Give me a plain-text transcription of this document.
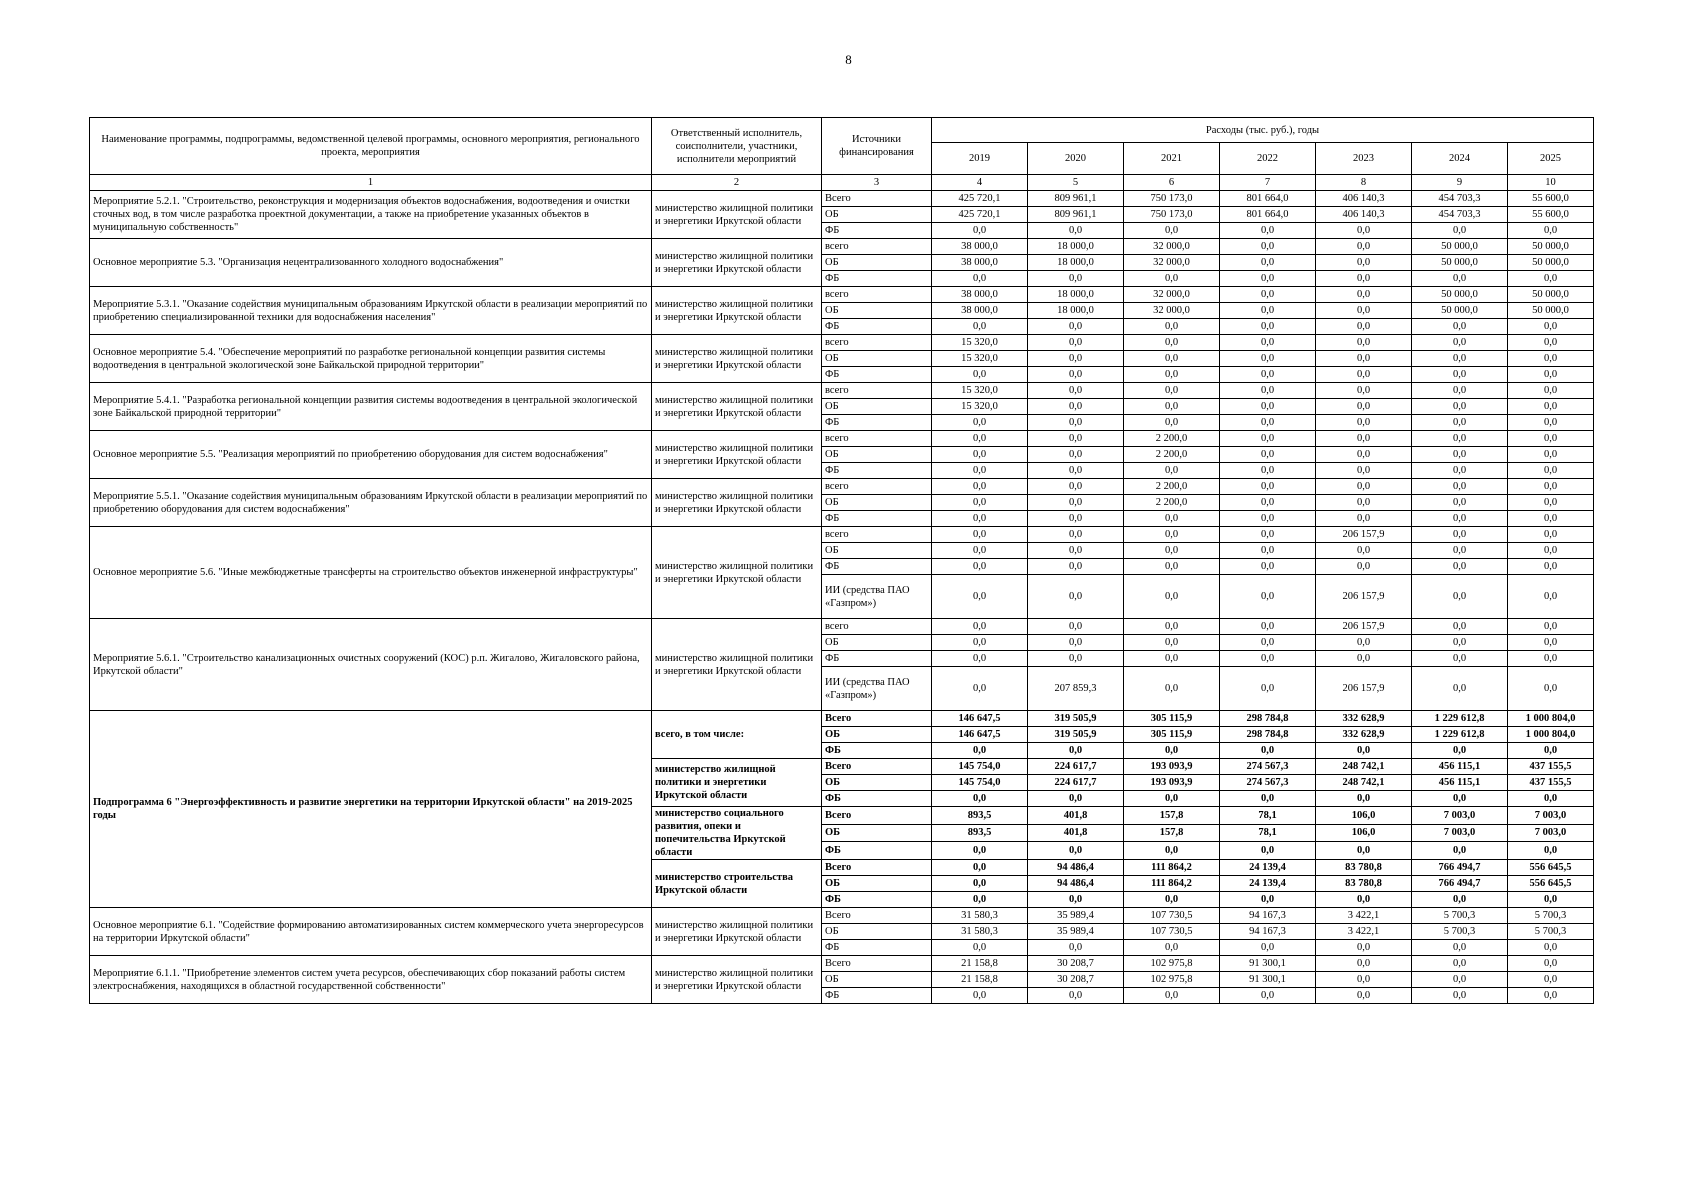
8
Наименование программы, подпрограммы, ведомственной целевой программы, основного мероприятия, регионального проекта, мероприятия	Ответственный исполнитель, соисполнители, участники, исполнители мероприятий	Источники финансирования	Расходы (тыс. руб.), годы						
			2019	2020	2021	2022	2023	2024	2025
1	2	3	4	5	6	7	8	9	10
Мероприятие 5.2.1. "Строительство, реконструкция и модернизация объектов водоснабжения, водоотведения и очистки сточных вод, в том числе разработка проектной документации, а также на приобретение указанных объектов в муниципальную собственность"	министерство жилищной политики и энергетики Иркутской области	Всего	425 720,1	809 961,1	750 173,0	801 664,0	406 140,3	454 703,3	55 600,0
		ОБ	425 720,1	809 961,1	750 173,0	801 664,0	406 140,3	454 703,3	55 600,0
		ФБ	0,0	0,0	0,0	0,0	0,0	0,0	0,0
Основное мероприятие 5.3. "Организация нецентрализованного холодного водоснабжения"	министерство жилищной политики и энергетики Иркутской области	всего	38 000,0	18 000,0	32 000,0	0,0	0,0	50 000,0	50 000,0
		ОБ	38 000,0	18 000,0	32 000,0	0,0	0,0	50 000,0	50 000,0
		ФБ	0,0	0,0	0,0	0,0	0,0	0,0	0,0
Мероприятие 5.3.1. "Оказание содействия муниципальным образованиям Иркутской области в реализации мероприятий по приобретению специализированной техники для водоснабжения населения"	министерство жилищной политики и энергетики Иркутской области	всего	38 000,0	18 000,0	32 000,0	0,0	0,0	50 000,0	50 000,0
		ОБ	38 000,0	18 000,0	32 000,0	0,0	0,0	50 000,0	50 000,0
		ФБ	0,0	0,0	0,0	0,0	0,0	0,0	0,0
Основное мероприятие 5.4. "Обеспечение мероприятий по разработке региональной концепции развития системы водоотведения в центральной экологической зоне Байкальской природной территории"	министерство жилищной политики и энергетики Иркутской области	всего	15 320,0	0,0	0,0	0,0	0,0	0,0	0,0
		ОБ	15 320,0	0,0	0,0	0,0	0,0	0,0	0,0
		ФБ	0,0	0,0	0,0	0,0	0,0	0,0	0,0
Мероприятие 5.4.1. "Разработка региональной концепции развития системы водоотведения в центральной экологической зоне Байкальской природной территории"	министерство жилищной политики и энергетики Иркутской области	всего	15 320,0	0,0	0,0	0,0	0,0	0,0	0,0
		ОБ	15 320,0	0,0	0,0	0,0	0,0	0,0	0,0
		ФБ	0,0	0,0	0,0	0,0	0,0	0,0	0,0
Основное мероприятие 5.5. "Реализация мероприятий по приобретению оборудования для систем водоснабжения"	министерство жилищной политики и энергетики Иркутской области	всего	0,0	0,0	2 200,0	0,0	0,0	0,0	0,0
		ОБ	0,0	0,0	2 200,0	0,0	0,0	0,0	0,0
		ФБ	0,0	0,0	0,0	0,0	0,0	0,0	0,0
Мероприятие 5.5.1. "Оказание содействия муниципальным образованиям Иркутской области в реализации мероприятий по приобретению оборудования для систем водоснабжения"	министерство жилищной политики и энергетики Иркутской области	всего	0,0	0,0	2 200,0	0,0	0,0	0,0	0,0
		ОБ	0,0	0,0	2 200,0	0,0	0,0	0,0	0,0
		ФБ	0,0	0,0	0,0	0,0	0,0	0,0	0,0
Основное мероприятие 5.6. "Иные межбюджетные трансферты на строительство объектов инженерной инфраструктуры"	министерство жилищной политики и энергетики Иркутской области	всего	0,0	0,0	0,0	0,0	206 157,9	0,0	0,0
		ОБ	0,0	0,0	0,0	0,0	0,0	0,0	0,0
		ФБ	0,0	0,0	0,0	0,0	0,0	0,0	0,0
		ИИ (средства ПАО «Газпром»)	0,0	0,0	0,0	0,0	206 157,9	0,0	0,0
Мероприятие 5.6.1. "Строительство канализационных очистных сооружений (КОС) р.п. Жигалово, Жигаловского района, Иркутской области"	министерство жилищной политики и энергетики Иркутской области	всего	0,0	0,0	0,0	0,0	206 157,9	0,0	0,0
		ОБ	0,0	0,0	0,0	0,0	0,0	0,0	0,0
		ФБ	0,0	0,0	0,0	0,0	0,0	0,0	0,0
		ИИ (средства ПАО «Газпром»)	0,0	207 859,3	0,0	0,0	206 157,9	0,0	0,0
Подпрограмма 6 "Энергоэффективность и развитие энергетики на территории Иркутской области" на 2019-2025 годы	всего, в том числе:	Всего	146 647,5	319 505,9	305 115,9	298 784,8	332 628,9	1 229 612,8	1 000 804,0
		ОБ	146 647,5	319 505,9	305 115,9	298 784,8	332 628,9	1 229 612,8	1 000 804,0
		ФБ	0,0	0,0	0,0	0,0	0,0	0,0	0,0
	министерство жилищной политики и энергетики Иркутской области	Всего	145 754,0	224 617,7	193 093,9	274 567,3	248 742,1	456 115,1	437 155,5
		ОБ	145 754,0	224 617,7	193 093,9	274 567,3	248 742,1	456 115,1	437 155,5
		ФБ	0,0	0,0	0,0	0,0	0,0	0,0	0,0
	министерство социального развития, опеки и попечительства Иркутской области	Всего	893,5	401,8	157,8	78,1	106,0	7 003,0	7 003,0
		ОБ	893,5	401,8	157,8	78,1	106,0	7 003,0	7 003,0
		ФБ	0,0	0,0	0,0	0,0	0,0	0,0	0,0
	министерство строительства Иркутской области	Всего	0,0	94 486,4	111 864,2	24 139,4	83 780,8	766 494,7	556 645,5
		ОБ	0,0	94 486,4	111 864,2	24 139,4	83 780,8	766 494,7	556 645,5
		ФБ	0,0	0,0	0,0	0,0	0,0	0,0	0,0
Основное мероприятие 6.1. "Содействие формированию автоматизированных систем коммерческого учета энергоресурсов на территории Иркутской области"	министерство жилищной политики и энергетики Иркутской области	Всего	31 580,3	35 989,4	107 730,5	94 167,3	3 422,1	5 700,3	5 700,3
		ОБ	31 580,3	35 989,4	107 730,5	94 167,3	3 422,1	5 700,3	5 700,3
		ФБ	0,0	0,0	0,0	0,0	0,0	0,0	0,0
Мероприятие 6.1.1. "Приобретение элементов систем учета ресурсов, обеспечивающих сбор показаний работы систем электроснабжения, находящихся в областной государственной собственности"	министерство жилищной политики и энергетики Иркутской области	Всего	21 158,8	30 208,7	102 975,8	91 300,1	0,0	0,0	0,0
		ОБ	21 158,8	30 208,7	102 975,8	91 300,1	0,0	0,0	0,0
		ФБ	0,0	0,0	0,0	0,0	0,0	0,0	0,0
